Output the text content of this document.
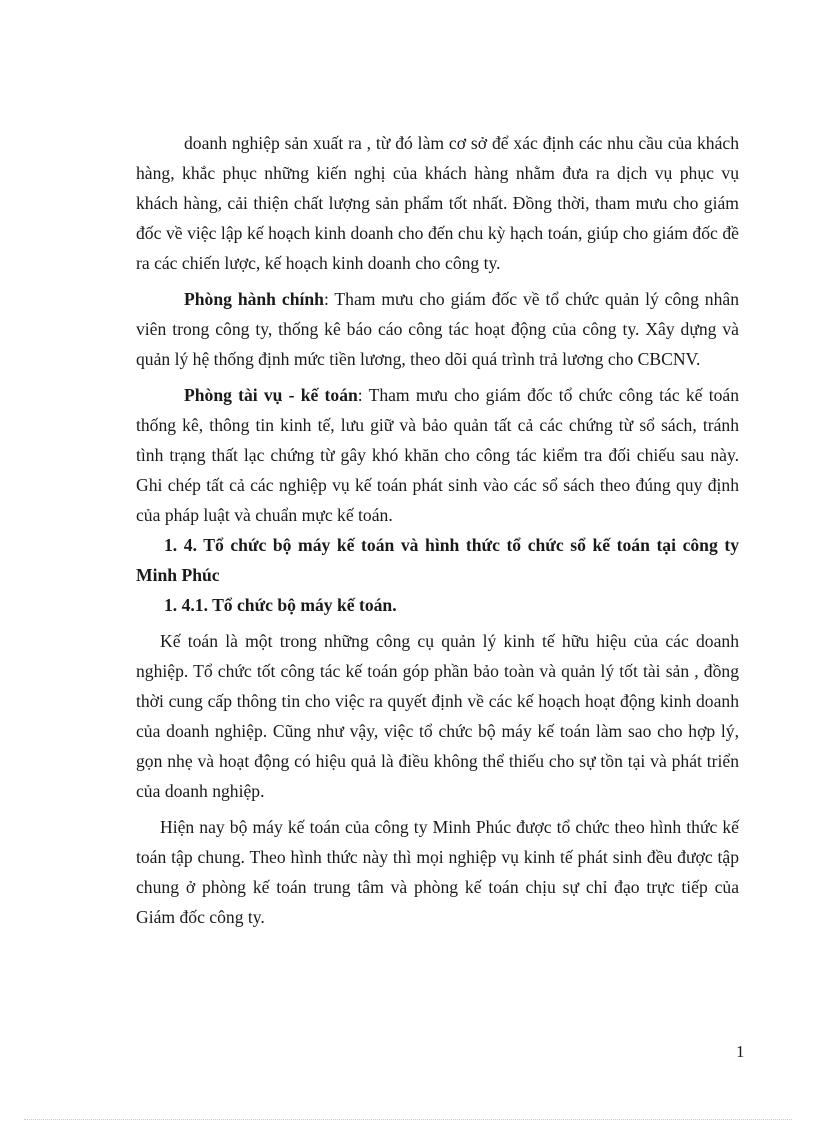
doanh nghiệp sản xuất ra , từ đó làm cơ sở để xác định các nhu cầu của khách hàng, khắc phục những kiến nghị của khách hàng nhằm đưa ra dịch vụ phục vụ khách hàng, cải thiện chất lượng sản phẩm tốt nhất. Đồng thời, tham mưu cho giám đốc về việc lập kế hoạch kinh doanh cho đến chu kỳ hạch toán, giúp cho giám đốc đề ra các chiến lược, kế hoạch kinh doanh cho công ty.

Phòng hành chính: Tham mưu cho giám đốc về tổ chức quản lý công nhân viên trong công ty, thống kê báo cáo công tác hoạt động của công ty. Xây dựng và quản lý hệ thống định mức tiền lương, theo dõi quá trình trả lương cho CBCNV.

Phòng tài vụ - kế toán: Tham mưu cho giám đốc tổ chức công tác kế toán thống kê, thông tin kinh tế, lưu giữ và bảo quản tất cả các chứng từ sổ sách, tránh tình trạng thất lạc chứng từ gây khó khăn cho công tác kiểm tra đối chiếu sau này. Ghi chép tất cả các nghiệp vụ kế toán phát sinh vào các sổ sách theo đúng quy định của pháp luật và chuẩn mực kế toán.

1. 4. Tổ chức bộ máy kế toán và hình thức tổ chức sổ kế toán tại công ty Minh Phúc

1. 4.1. Tổ chức bộ máy kế toán.

Kế toán là một trong những công cụ quản lý kinh tế hữu hiệu của các doanh nghiệp. Tổ chức tốt công tác kế toán góp phần bảo toàn và quản lý tốt tài sản , đồng thời cung cấp thông tin cho việc ra quyết định về các kế hoạch hoạt động kinh doanh của doanh nghiệp. Cũng như vậy, việc tổ chức bộ máy kế toán làm sao cho hợp lý, gọn nhẹ và hoạt động có hiệu quả là điều không thể thiếu cho sự tồn tại và phát triển của doanh nghiệp.

Hiện nay bộ máy kế toán của công ty Minh Phúc được tổ chức theo hình thức kế toán tập chung. Theo hình thức này thì mọi nghiệp vụ kinh tế phát sinh đều được tập chung ở phòng kế toán trung tâm và phòng kế toán chịu sự chỉ đạo trực tiếp của Giám đốc công ty.

1
